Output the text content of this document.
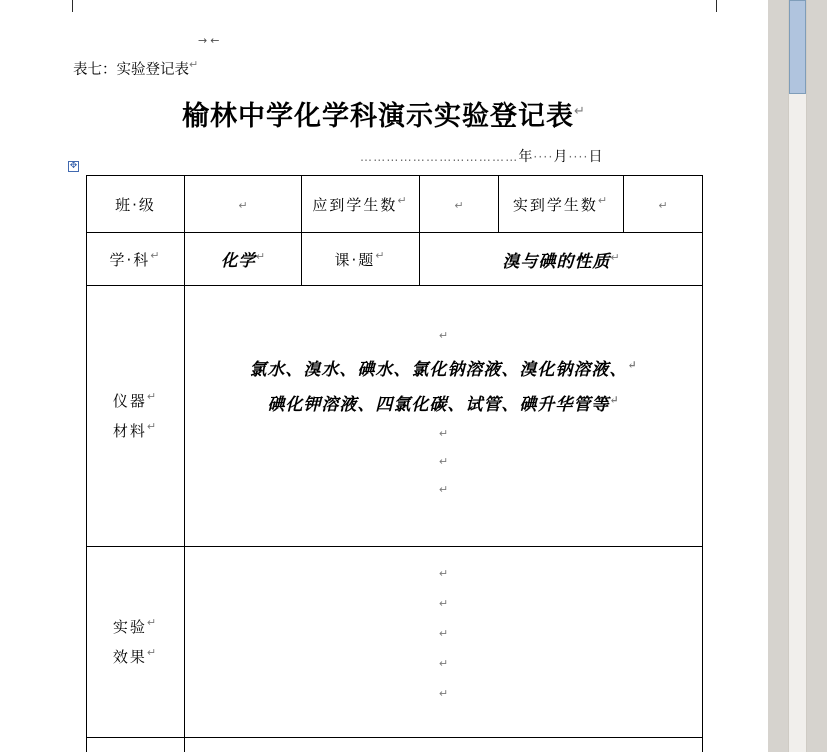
→←
表七：实验登记表↵
榆林中学化学科演示实验登记表↵
………………………………年····月····日
✥
班·级	↵	应到学生数↵	↵	实到学生数↵	↵
学·科↵	化学↵	课·题↵	溴与碘的性质↵

仪器↵
材料↵

↵
氯水、溴水、碘水、氯化钠溶液、溴化钠溶液、↵
碘化钾溶液、四氯化碳、试管、碘升华管等↵
↵
↵
↵

实验↵
效果↵

↵
↵
↵
↵
↵
